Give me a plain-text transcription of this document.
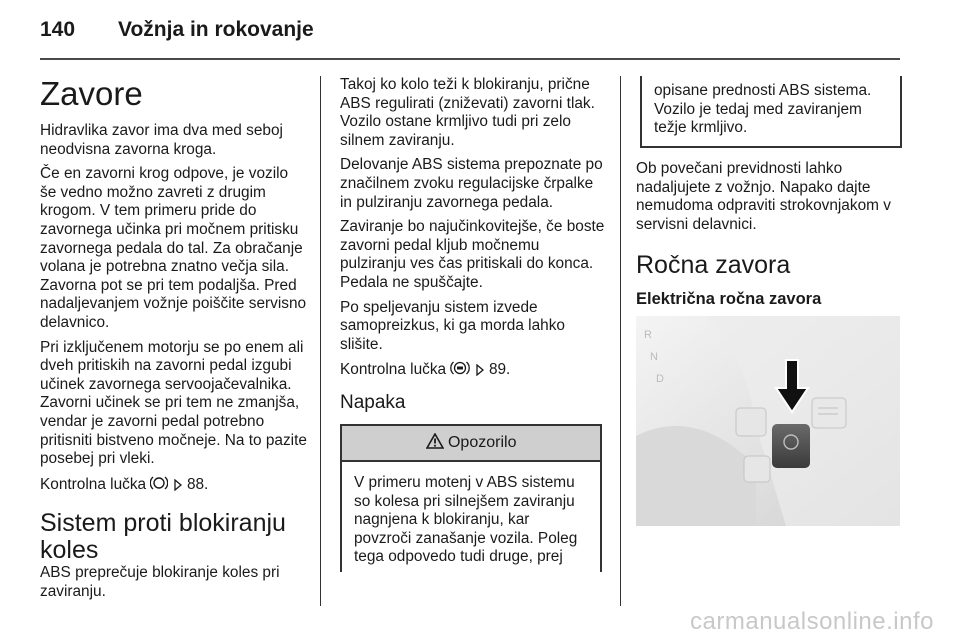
140 Vožnja in rokovanje
Zavore

Hidravlika zavor ima dva med seboj neodvisna zavorna kroga.

Če en zavorni krog odpove, je vozilo še vedno možno zavreti z drugim krogom. V tem primeru pride do zavornega učinka pri močnem pritisku zavornega pedala do tal. Za obračanje volana je potrebna znatno večja sila. Zavorna pot se pri tem podaljša. Pred nadaljevanjem vožnje poiščite servisno delavnico.

Pri izključenem motorju se po enem ali dveh pritiskih na zavorni pedal izgubi učinek zavornega servoojačevalnika. Zavorni učinek se pri tem ne zmanjša, vendar je zavorni pedal potrebno pritisniti bistveno močneje. Na to pazite posebej pri vleki.

Kontrolna lučka	88.

Sistem proti blokiranju koles

ABS preprečuje blokiranje koles pri zaviranju.

Takoj ko kolo teži k blokiranju, prične ABS regulirati (zniževati) zavorni tlak. Vozilo ostane krmljivo tudi pri zelo silnem zaviranju.

Delovanje ABS sistema prepoznate po značilnem zvoku regulacijske črpalke in pulziranju zavornega pedala.

Zaviranje bo najučinkovitejše, če boste zavorni pedal kljub močnemu pulziranju ves čas pritiskali do konca. Pedala ne spuščajte.

Po speljevanju sistem izvede samopreizkus, ki ga morda lahko slišite.

Kontrolna lučka	89.

Napaka
Opozorilo
V primeru motenj v ABS sistemu so kolesa pri silnejšem zaviranju nagnjena k blokiranju, kar povzroči zanašanje vozila. Poleg tega odpovedo tudi druge, prej
opisane prednosti ABS sistema. Vozilo je tedaj med zaviranjem težje krmljivo.

Ob povečani previdnosti lahko nadaljujete z vožnjo. Napako dajte nemudoma odpraviti strokovnjakom v servisni delavnici.

Ročna zavora
Električna ročna zavora
R
N
D
carmanualsonline.info
